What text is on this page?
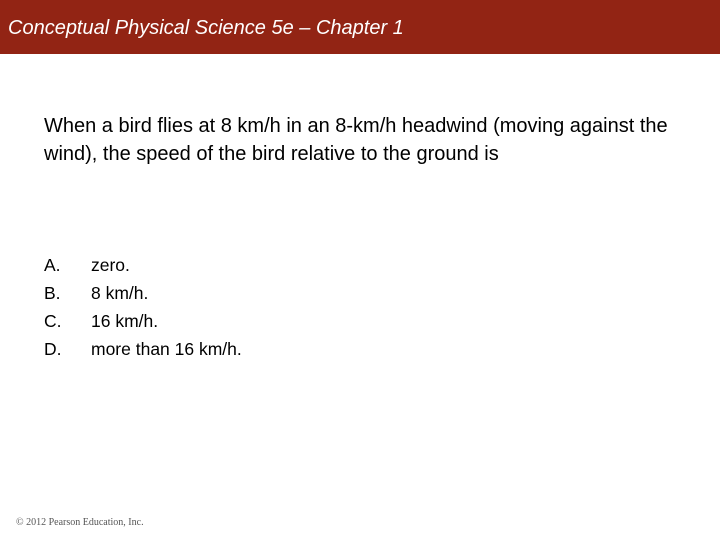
Conceptual Physical Science 5e – Chapter 1
When a bird flies at 8 km/h in an 8-km/h headwind (moving against the wind), the speed of the bird relative to the ground is
A.	zero.
B.	8 km/h.
C.	16 km/h.
D.	more than 16 km/h.
© 2012 Pearson Education, Inc.
